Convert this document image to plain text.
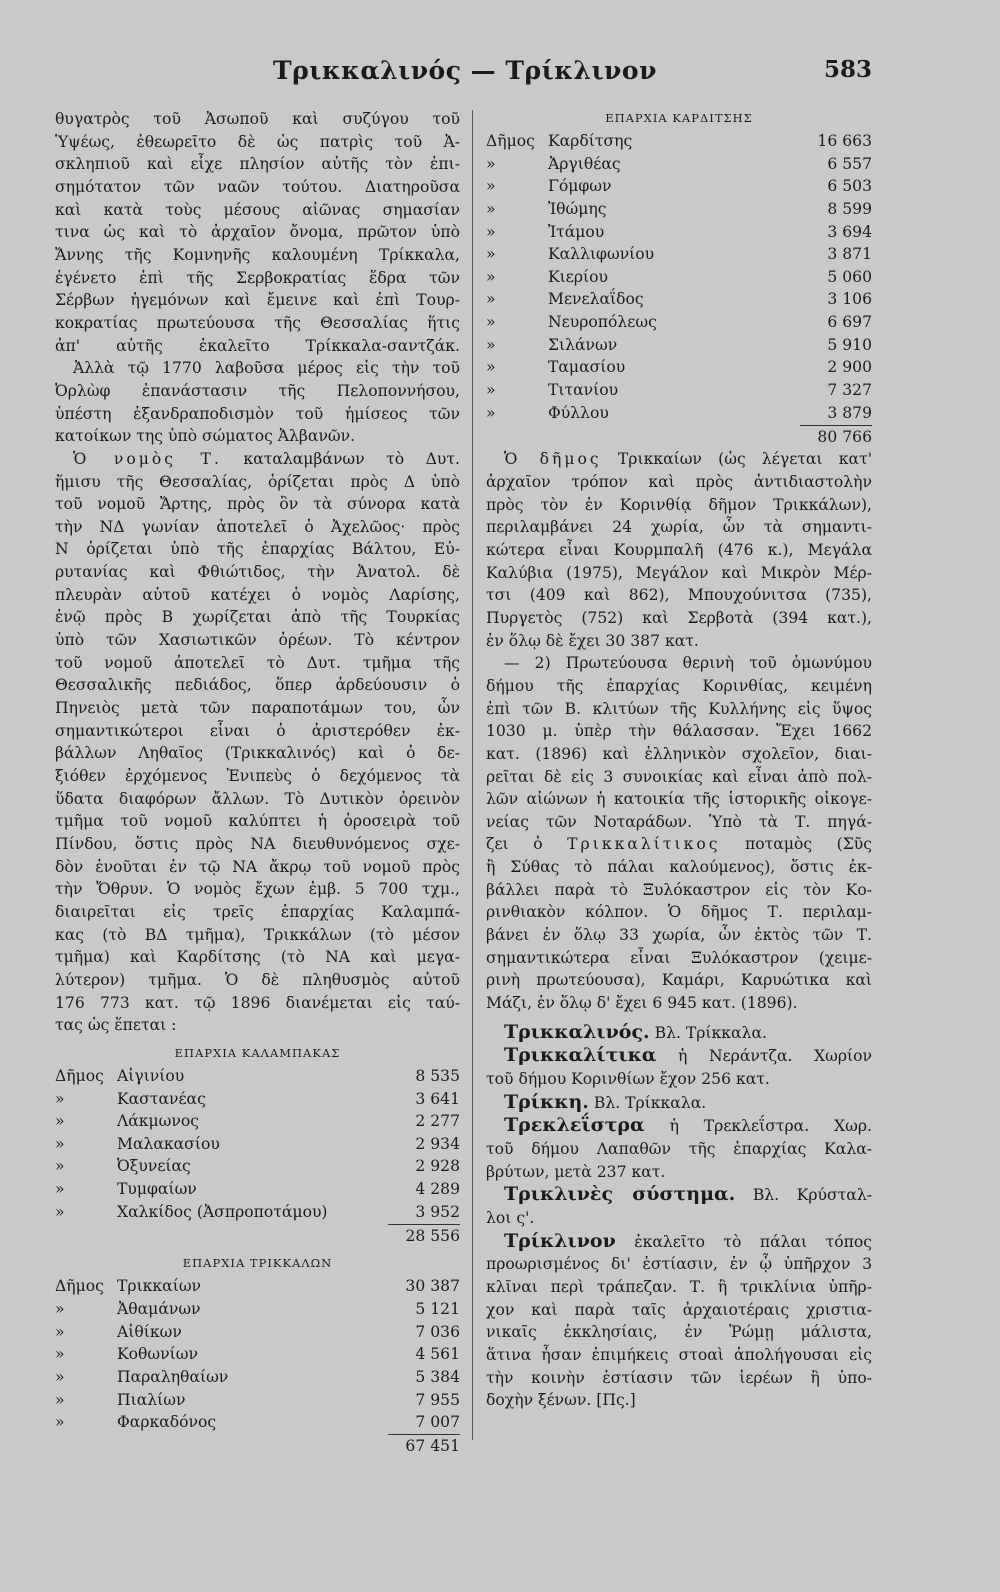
Τρικκαλινός — Τρίκλινον	583
θυγατρὸς τοῦ Ἀσωποῦ καὶ συζύγου τοῦ
Ὑψέως, ἐθεωρεῖτο δὲ ὡς πατρὶς τοῦ Ἀ-
σκληπιοῦ καὶ εἶχε πλησίον αὐτῆς τὸν ἐπι-
σημότατον τῶν ναῶν τούτου. Διατηροῦσα
καὶ κατὰ τοὺς μέσους αἰῶνας σημασίαν
τινα ὡς καὶ τὸ ἀρχαῖον ὄνομα, πρῶτον ὑπὸ
Ἄννης τῆς Κομνηνῆς καλουμένη Τρίκκαλα,
ἐγένετο ἐπὶ τῆς Σερβοκρατίας ἕδρα τῶν
Σέρβων ἡγεμόνων καὶ ἔμεινε καὶ ἐπὶ Τουρ-
κοκρατίας πρωτεύουσα τῆς Θεσσαλίας ἥτις
ἀπ' αὐτῆς ἐκαλεῖτο Τρίκκαλα-σαντζάκ.
Ἀλλὰ τῷ 1770 λαβοῦσα μέρος εἰς τὴν τοῦ
Ὀρλὼφ ἐπανάστασιν τῆς Πελοποννήσου,
ὑπέστη ἐξανδραποδισμὸν τοῦ ἡμίσεος τῶν
κατοίκων της ὑπὸ σώματος Ἀλβανῶν.
Ὁ νομὸς Τ. καταλαμβάνων τὸ Δυτ.
ἥμισυ τῆς Θεσσαλίας, ὁρίζεται πρὸς Δ ὑπὸ
τοῦ νομοῦ Ἄρτης, πρὸς ὃν τὰ σύνορα κατὰ
τὴν ΝΔ γωνίαν ἀποτελεῖ ὁ Ἀχελῶος· πρὸς
Ν ὁρίζεται ὑπὸ τῆς ἐπαρχίας Βάλτου, Εὐ-
ρυτανίας καὶ Φθιώτιδος, τὴν Ἀνατολ. δὲ
πλευρὰν αὐτοῦ κατέχει ὁ νομὸς Λαρίσης,
ἐνῷ πρὸς Β χωρίζεται ἀπὸ τῆς Τουρκίας
ὑπὸ τῶν Χασιωτικῶν ὀρέων. Τὸ κέντρον
τοῦ νομοῦ ἀποτελεῖ τὸ Δυτ. τμῆμα τῆς
Θεσσαλικῆς πεδιάδος, ὅπερ ἀρδεύουσιν ὁ
Πηνειὸς μετὰ τῶν παραποτάμων του, ὧν
σημαντικώτεροι εἶναι ὁ ἀριστερόθεν ἐκ-
βάλλων Ληθαῖος (Τρικκαλινός) καὶ ὁ δε-
ξιόθεν ἐρχόμενος Ἐνιπεὺς ὁ δεχόμενος τὰ
ὕδατα διαφόρων ἄλλων. Τὸ Δυτικὸν ὀρεινὸν
τμῆμα τοῦ νομοῦ καλύπτει ἡ ὀροσειρὰ τοῦ
Πίνδου, ὅστις πρὸς ΝΑ διευθυνόμενος σχε-
δὸν ἑνοῦται ἐν τῷ ΝΑ ἄκρῳ τοῦ νομοῦ πρὸς
τὴν Ὄθρυν. Ὁ νομὸς ἔχων ἐμβ. 5 700 τχμ.,
διαιρεῖται εἰς τρεῖς ἐπαρχίας Καλαμπά-
κας (τὸ ΒΔ τμῆμα), Τρικκάλων (τὸ μέσον
τμῆμα) καὶ Καρδίτσης (τὸ ΝΑ καὶ μεγα-
λύτερον) τμῆμα. Ὁ δὲ πληθυσμὸς αὐτοῦ
176 773 κατ. τῷ 1896 διανέμεται εἰς ταύ-
τας ὡς ἕπεται :
ΕΠΑΡΧΙΑ ΚΑΛΑΜΠΑΚΑΣ
Δῆμος Αἰγινίου	8 535
»	Καστανέας	3 641
»	Λάκμωνος	2 277
»	Μαλακασίου	2 934
»	Ὀξυνείας	2 928
»	Τυμφαίων	4 289
»	Χαλκίδος (Ἀσπροποτάμου)	3 952
28 556
ΕΠΑΡΧΙΑ ΤΡΙΚΚΑΛΩΝ
Δῆμος Τρικκαίων	30 387
»	Ἀθαμάνων	5 121
»	Αἰθίκων	7 036
»	Κοθωνίων	4 561
»	Παραληθαίων	5 384
»	Πιαλίων	7 955
»	Φαρκαδόνος	7 007
67 451
ΕΠΑΡΧΙΑ ΚΑΡΔΙΤΣΗΣ
Δῆμος Καρδίτσης	16 663
»	Ἀργιθέας	6 557
»	Γόμφων	6 503
»	Ἰθώμης	8 599
»	Ἰτάμου	3 694
»	Καλλιφωνίου	3 871
»	Κιερίου	5 060
»	Μενελαΐδος	3 106
»	Νευροπόλεως	6 697
»	Σιλάνων	5 910
»	Ταμασίου	2 900
»	Τιτανίου	7 327
»	Φύλλου	3 879
80 766
Ὁ δῆμος Τρικκαίων (ὡς λέγεται κατ'
ἀρχαῖον τρόπον καὶ πρὸς ἀντιδιαστολὴν
πρὸς τὸν ἐν Κορινθίᾳ δῆμον Τρικκάλων),
περιλαμβάνει 24 χωρία, ὧν τὰ σημαντι-
κώτερα εἶναι Κουρμπαλῆ (476 κ.), Μεγάλα
Καλύβια (1975), Μεγάλον καὶ Μικρὸν Μέρ-
τσι (409 καὶ 862), Μπουχούνιτσα (735),
Πυργετὸς (752) καὶ Σερβοτὰ (394 κατ.),
ἐν ὅλῳ δὲ ἔχει 30 387 κατ.
— 2) Πρωτεύουσα θερινὴ τοῦ ὁμωνύμου
δήμου τῆς ἐπαρχίας Κορινθίας, κειμένη
ἐπὶ τῶν Β. κλιτύων τῆς Κυλλήνης εἰς ὕψος
1030 μ. ὑπὲρ τὴν θάλασσαν. Ἔχει 1662
κατ. (1896) καὶ ἑλληνικὸν σχολεῖον, διαι-
ρεῖται δὲ εἰς 3 συνοικίας καὶ εἶναι ἀπὸ πολ-
λῶν αἰώνων ἡ κατοικία τῆς ἱστορικῆς οἰκογε-
νείας τῶν Νοταράδων. Ὑπὸ τὰ Τ. πηγά-
ζει ὁ Τρικκαλίτικος ποταμὸς (Σῦς
ἢ Σύθας τὸ πάλαι καλούμενος), ὅστις ἐκ-
βάλλει παρὰ τὸ Ξυλόκαστρον εἰς τὸν Κο-
ρινθιακὸν κόλπον. Ὁ δῆμος Τ. περιλαμ-
βάνει ἐν ὅλῳ 33 χωρία, ὧν ἐκτὸς τῶν Τ.
σημαντικώτερα εἶναι Ξυλόκαστρον (χειμε-
ρινὴ πρωτεύουσα), Καμάρι, Καρυώτικα καὶ
Μάζι, ἐν ὅλῳ δ' ἔχει 6 945 κατ. (1896).
Τρικκαλινός. Βλ. Τρίκκαλα.
Τρικκαλίτικα ἡ Νεράντζα. Χωρίον
τοῦ δήμου Κορινθίων ἔχον 256 κατ.
Τρίκκη. Βλ. Τρίκκαλα.
Τρεκλεΐστρα ἡ Τρεκλεΐστρα. Χωρ.
τοῦ δήμου Λαπαθῶν τῆς ἐπαρχίας Καλα-
βρύτων, μετὰ 237 κατ.
Τρικλινὲς σύστημα. Βλ. Κρύσταλ-
λοι ς'.
Τρίκλινον ἐκαλεῖτο τὸ πάλαι τόπος
προωρισμένος δι' ἑστίασιν, ἐν ᾧ ὑπῆρχον 3
κλῖναι περὶ τράπεζαν. Τ. ἢ τρικλίνια ὑπῆρ-
χον καὶ παρὰ ταῖς ἀρχαιοτέραις χριστια-
νικαῖς ἐκκλησίαις, ἐν Ῥώμῃ μάλιστα,
ἅτινα ἦσαν ἐπιμήκεις στοαὶ ἀπολήγουσαι εἰς
τὴν κοινὴν ἑστίασιν τῶν ἱερέων ἢ ὑπο-
δοχὴν ξένων. [Πς.]
